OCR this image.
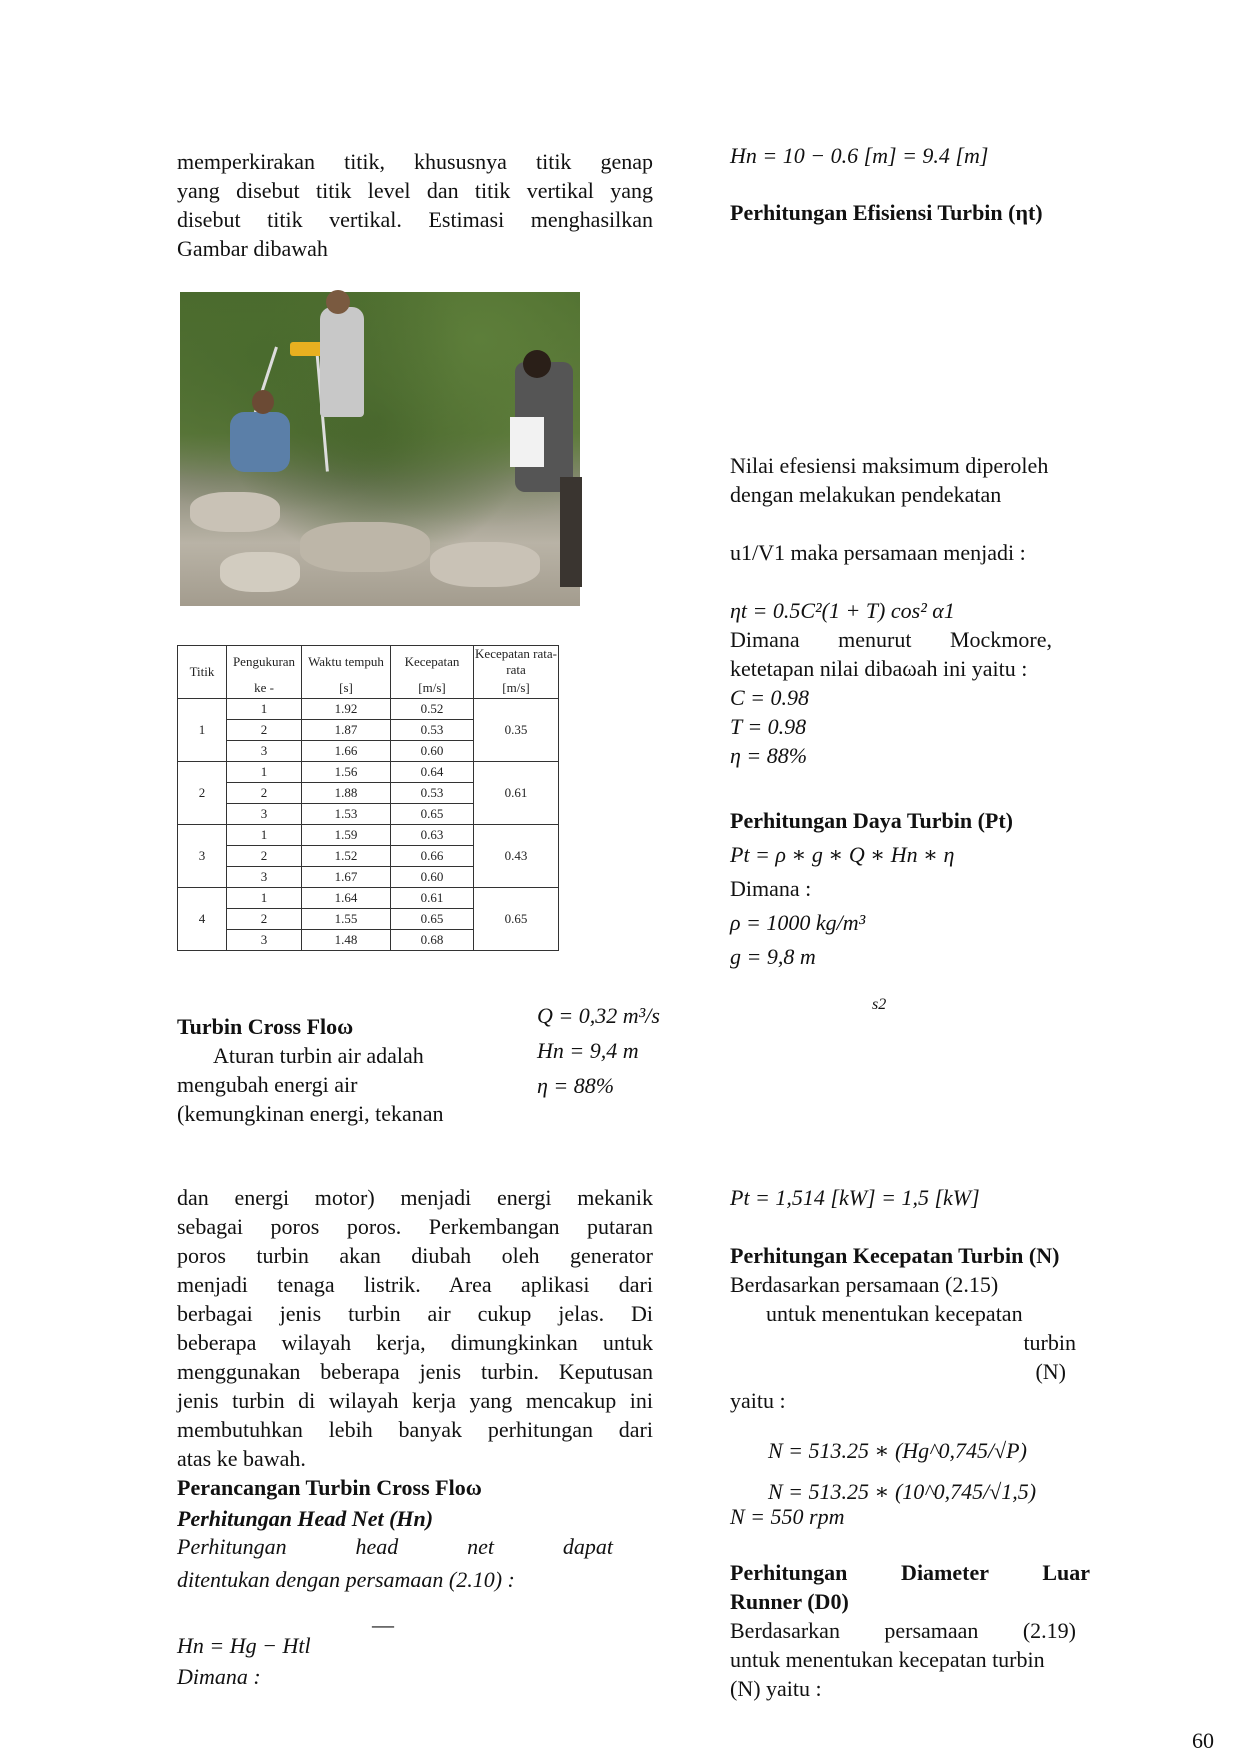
memperkirakan titik, khususnya titik genap
yang disebut titik level dan titik vertikal yang
disebut titik vertikal. Estimasi menghasilkan
Gambar dibawah
Titik	Pengukuran	Waktu tempuh	Kecepatan	Kecepatan rata-rata
	ke -	[s]	[m/s]	[m/s]
1	1	1.92	0.52	0.35
	2	1.87	0.53	
	3	1.66	0.60	
2	1	1.56	0.64	0.61
	2	1.88	0.53	
	3	1.53	0.65	
3	1	1.59	0.63	0.43
	2	1.52	0.66	
	3	1.67	0.60	
4	1	1.64	0.61	0.65
	2	1.55	0.65	
	3	1.48	0.68	
Turbin Cross Floω
Aturan turbin air adalah
mengubah energi air
(kemungkinan energi, tekanan
Q = 0,32 m³/s
Hn = 9,4 m
η = 88%
s2
dan energi motor) menjadi energi mekanik
sebagai poros poros. Perkembangan putaran
poros turbin akan diubah oleh generator
menjadi tenaga listrik. Area aplikasi dari
berbagai jenis turbin air cukup jelas. Di
beberapa wilayah kerja, dimungkinkan untuk
menggunakan beberapa jenis turbin. Keputusan
jenis turbin di wilayah kerja yang mencakup ini
membutuhkan lebih banyak perhitungan dari
atas ke bawah.
Perancangan Turbin Cross Floω
Perhitungan Head Net (Hn)
Perhitungan head net dapat
ditentukan dengan persamaan (2.10) :
—
Hn = Hg − Htl
Dimana :
Hn = 10 − 0.6 [m] = 9.4 [m]
Perhitungan Efisiensi Turbin (ηt)
Nilai efesiensi maksimum diperoleh
dengan melakukan pendekatan
u1/V1 maka persamaan menjadi :
ηt = 0.5C²(1 + T) cos² α1
Dimana menurut Mockmore,
ketetapan nilai dibaωah ini yaitu :
C = 0.98
T = 0.98
η = 88%
Perhitungan Daya Turbin (Pt)
Pt = ρ ∗ g ∗ Q ∗ Hn ∗ η
Dimana :
ρ = 1000 kg/m³
g = 9,8 m
Pt = 1,514 [kW] = 1,5 [kW]
Perhitungan Kecepatan Turbin (N)
Berdasarkan persamaan (2.15)
untuk menentukan kecepatan
turbin
(N)
yaitu :
N = 513.25 ∗ (Hg^0,745/√P)
N = 513.25 ∗ (10^0,745/√1,5)
N = 550 rpm
Perhitungan Diameter Luar
Runner (D0)
Berdasarkan persamaan (2.19)
untuk menentukan kecepatan turbin
(N) yaitu :
60
